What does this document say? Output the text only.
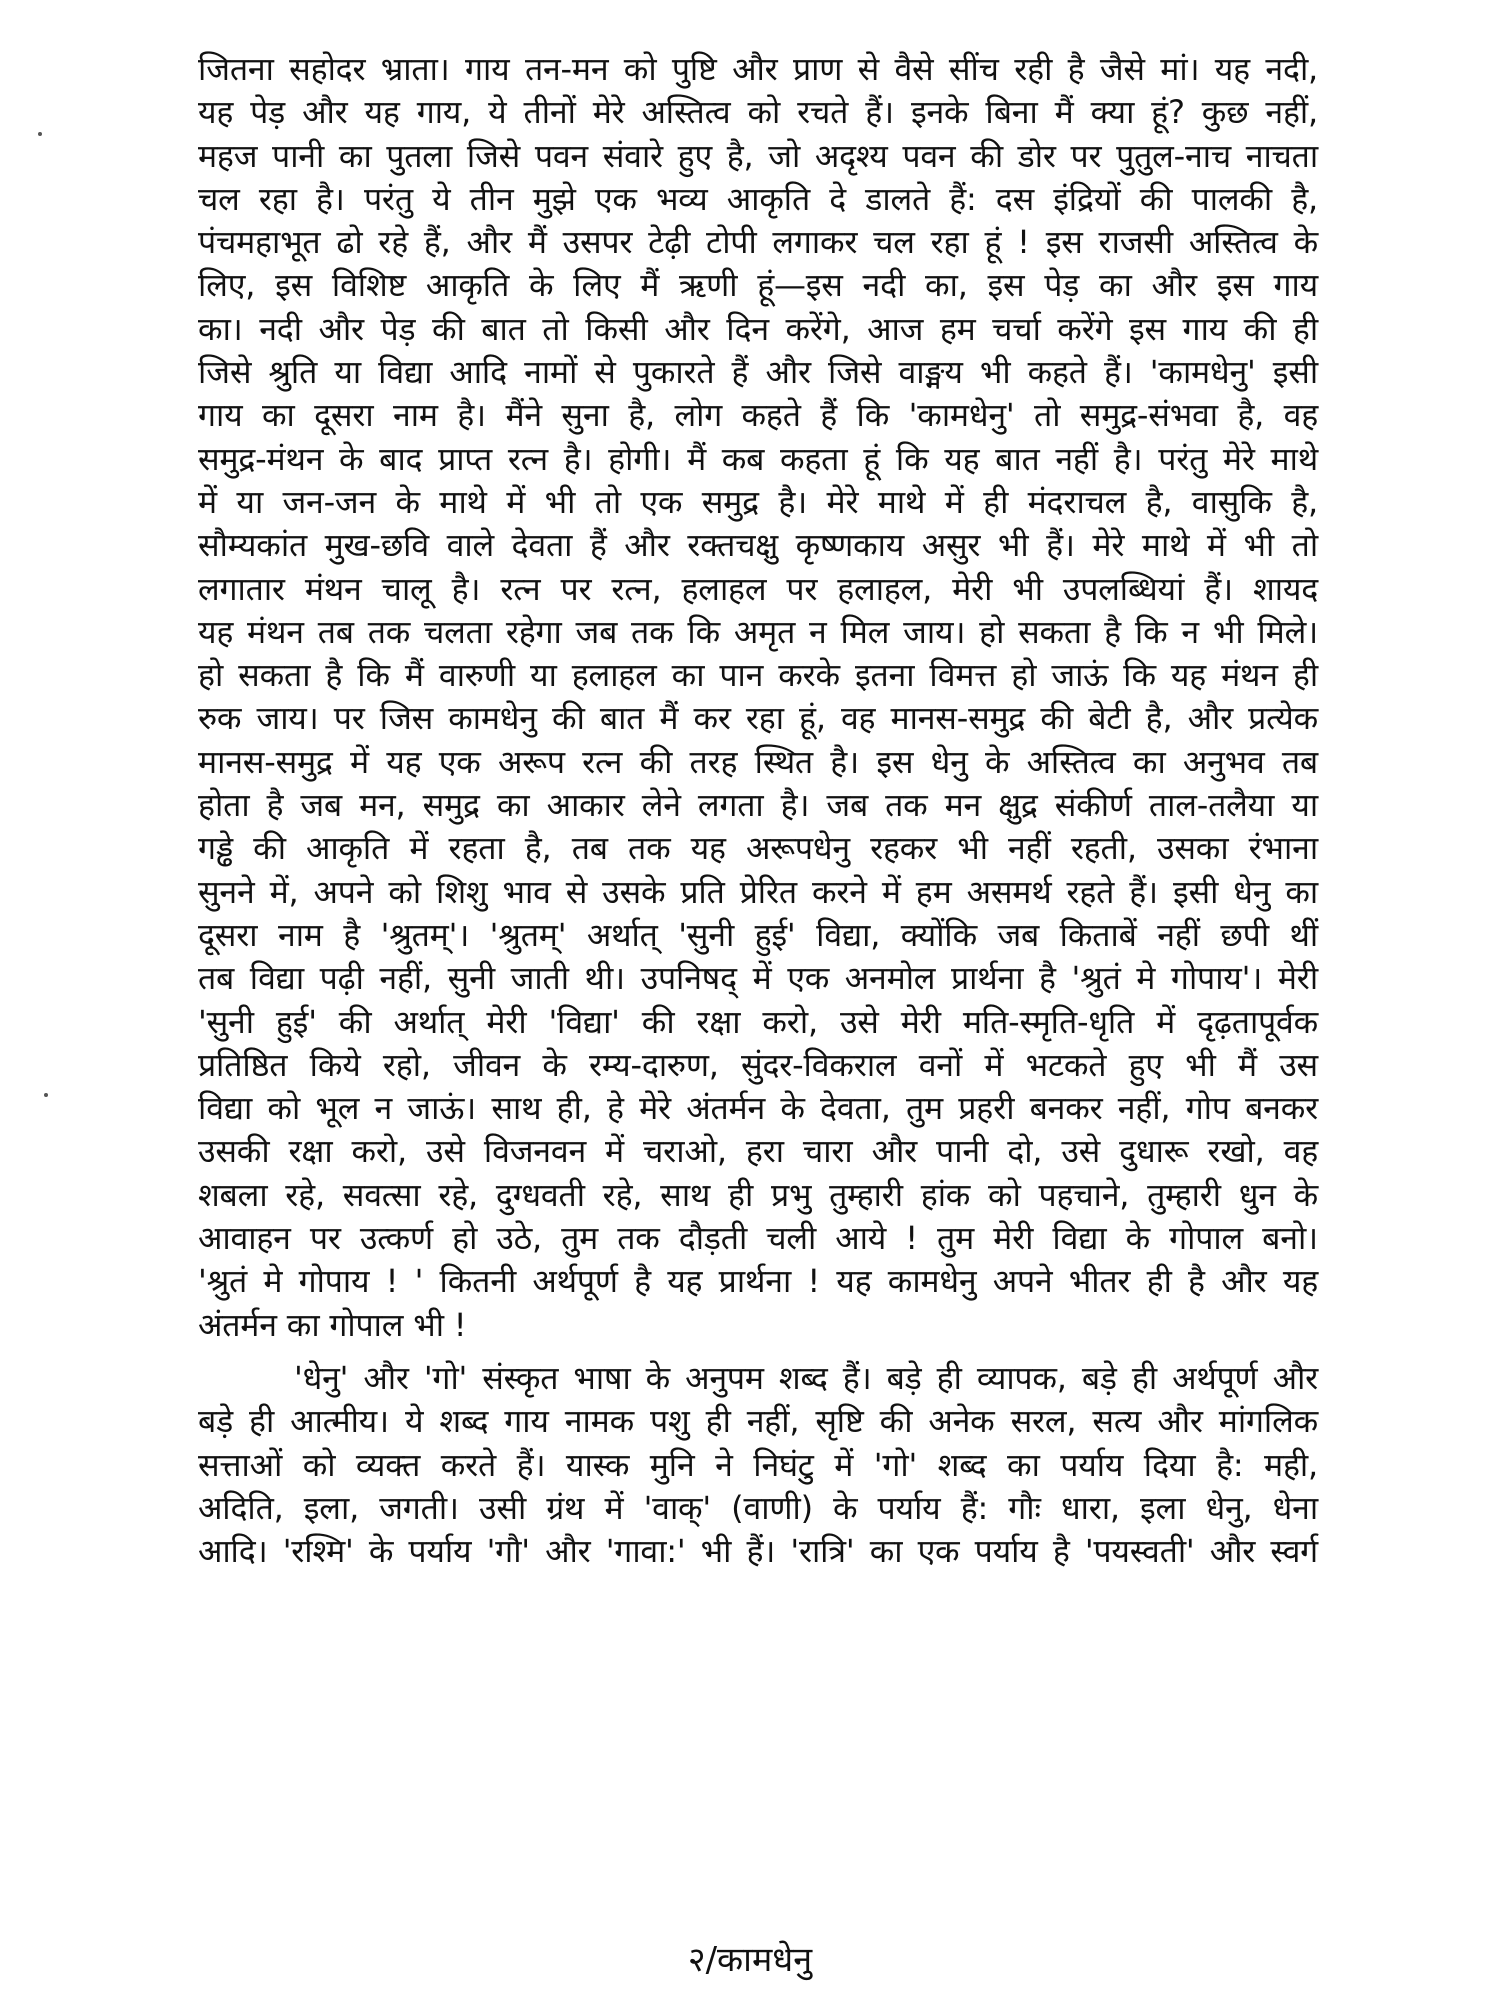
जितना सहोदर भ्राता। गाय तन-मन को पुष्टि और प्राण से वैसे सींच रही है जैसे मां। यह नदी,
यह पेड़ और यह गाय, ये तीनों मेरे अस्तित्व को रचते हैं। इनके बिना मैं क्या हूं? कुछ नहीं,
महज पानी का पुतला जिसे पवन संवारे हुए है, जो अदृश्य पवन की डोर पर पुतुल-नाच नाचता
चल रहा है। परंतु ये तीन मुझे एक भव्य आकृति दे डालते हैं: दस इंद्रियों की पालकी है,
पंचमहाभूत ढो रहे हैं, और मैं उसपर टेढ़ी टोपी लगाकर चल रहा हूं ! इस राजसी अस्तित्व के
लिए, इस विशिष्ट आकृति के लिए मैं ऋणी हूं—इस नदी का, इस पेड़ का और इस गाय
का। नदी और पेड़ की बात तो किसी और दिन करेंगे, आज हम चर्चा करेंगे इस गाय की ही
जिसे श्रुति या विद्या आदि नामों से पुकारते हैं और जिसे वाङ्मय भी कहते हैं। 'कामधेनु' इसी
गाय का दूसरा नाम है। मैंने सुना है, लोग कहते हैं कि 'कामधेनु' तो समुद्र-संभवा है, वह
समुद्र-मंथन के बाद प्राप्त रत्न है। होगी। मैं कब कहता हूं कि यह बात नहीं है। परंतु मेरे माथे
में या जन-जन के माथे में भी तो एक समुद्र है। मेरे माथे में ही मंदराचल है, वासुकि है,
सौम्यकांत मुख-छवि वाले देवता हैं और रक्तचक्षु कृष्णकाय असुर भी हैं। मेरे माथे में भी तो
लगातार मंथन चालू है। रत्न पर रत्न, हलाहल पर हलाहल, मेरी भी उपलब्धियां हैं। शायद
यह मंथन तब तक चलता रहेगा जब तक कि अमृत न मिल जाय। हो सकता है कि न भी मिले।
हो सकता है कि मैं वारुणी या हलाहल का पान करके इतना विमत्त हो जाऊं कि यह मंथन ही
रुक जाय। पर जिस कामधेनु की बात मैं कर रहा हूं, वह मानस-समुद्र की बेटी है, और प्रत्येक
मानस-समुद्र में यह एक अरूप रत्न की तरह स्थित है। इस धेनु के अस्तित्व का अनुभव तब
होता है जब मन, समुद्र का आकार लेने लगता है। जब तक मन क्षुद्र संकीर्ण ताल-तलैया या
गड्ढे की आकृति में रहता है, तब तक यह अरूपधेनु रहकर भी नहीं रहती, उसका रंभाना
सुनने में, अपने को शिशु भाव से उसके प्रति प्रेरित करने में हम असमर्थ रहते हैं। इसी धेनु का
दूसरा नाम है 'श्रुतम्'। 'श्रुतम्' अर्थात् 'सुनी हुई' विद्या, क्योंकि जब किताबें नहीं छपी थीं
तब विद्या पढ़ी नहीं, सुनी जाती थी। उपनिषद् में एक अनमोल प्रार्थना है 'श्रुतं मे गोपाय'। मेरी
'सुनी हुई' की अर्थात् मेरी 'विद्या' की रक्षा करो, उसे मेरी मति-स्मृति-धृति में दृढ़तापूर्वक
प्रतिष्ठित किये रहो, जीवन के रम्य-दारुण, सुंदर-विकराल वनों में भटकते हुए भी मैं उस
विद्या को भूल न जाऊं। साथ ही, हे मेरे अंतर्मन के देवता, तुम प्रहरी बनकर नहीं, गोप बनकर
उसकी रक्षा करो, उसे विजनवन में चराओ, हरा चारा और पानी दो, उसे दुधारू रखो, वह
शबला रहे, सवत्सा रहे, दुग्धवती रहे, साथ ही प्रभु तुम्हारी हांक को पहचाने, तुम्हारी धुन के
आवाहन पर उत्कर्ण हो उठे, तुम तक दौड़ती चली आये ! तुम मेरी विद्या के गोपाल बनो।
'श्रुतं मे गोपाय ! ' कितनी अर्थपूर्ण है यह प्रार्थना ! यह कामधेनु अपने भीतर ही है और यह
अंतर्मन का गोपाल भी !
'धेनु' और 'गो' संस्कृत भाषा के अनुपम शब्द हैं। बड़े ही व्यापक, बड़े ही अर्थपूर्ण और
बड़े ही आत्मीय। ये शब्द गाय नामक पशु ही नहीं, सृष्टि की अनेक सरल, सत्य और मांगलिक
सत्ताओं को व्यक्त करते हैं। यास्क मुनि ने निघंटु में 'गो' शब्द का पर्याय दिया है: मही,
अदिति, इला, जगती। उसी ग्रंथ में 'वाक्' (वाणी) के पर्याय हैं: गौः धारा, इला धेनु, धेना
आदि। 'रश्मि' के पर्याय 'गौ' और 'गावा:' भी हैं। 'रात्रि' का एक पर्याय है 'पयस्वती' और स्वर्ग
२/कामधेनु
